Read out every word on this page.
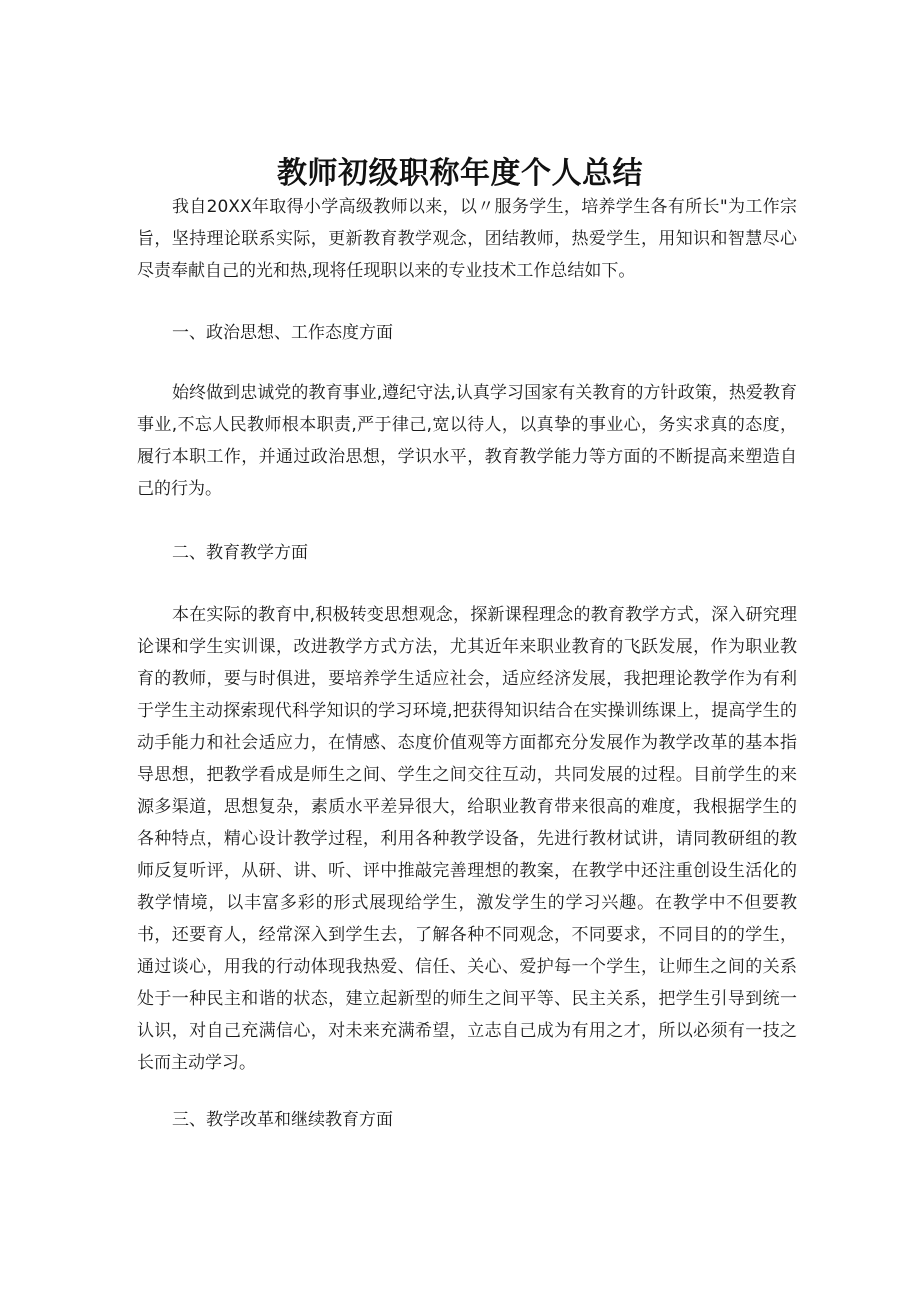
教师初级职称年度个人总结

我自20XX年取得小学高级教师以来，以〃服务学生，培养学生各有所长"为工作宗旨，坚持理论联系实际，更新教育教学观念，团结教师，热爱学生，用知识和智慧尽心尽责奉献自己的光和热,现将任现职以来的专业技术工作总结如下。

一、政治思想、工作态度方面

始终做到忠诚党的教育事业,遵纪守法,认真学习国家有关教育的方针政策，热爱教育事业,不忘人民教师根本职责,严于律己,宽以待人，以真挚的事业心，务实求真的态度，履行本职工作，并通过政治思想，学识水平，教育教学能力等方面的不断提高来塑造自己的行为。

二、教育教学方面

本在实际的教育中,积极转变思想观念，探新课程理念的教育教学方式，深入研究理论课和学生实训课，改进教学方式方法，尤其近年来职业教育的飞跃发展，作为职业教育的教师，要与时俱进，要培养学生适应社会，适应经济发展，我把理论教学作为有利于学生主动探索现代科学知识的学习环境,把获得知识结合在实操训练课上，提高学生的动手能力和社会适应力，在情感、态度价值观等方面都充分发展作为教学改革的基本指导思想，把教学看成是师生之间、学生之间交往互动，共同发展的过程。目前学生的来源多渠道，思想复杂，素质水平差异很大，给职业教育带来很高的难度，我根据学生的各种特点，精心设计教学过程，利用各种教学设备，先进行教材试讲，请同教研组的教师反复听评，从研、讲、听、评中推敲完善理想的教案，在教学中还注重创设生活化的教学情境，以丰富多彩的形式展现给学生，激发学生的学习兴趣。在教学中不但要教书，还要育人，经常深入到学生去，了解各种不同观念，不同要求，不同目的的学生，通过谈心，用我的行动体现我热爱、信任、关心、爱护每一个学生，让师生之间的关系处于一种民主和谐的状态，建立起新型的师生之间平等、民主关系，把学生引导到统一认识，对自己充满信心，对未来充满希望，立志自己成为有用之才，所以必须有一技之长而主动学习。

三、教学改革和继续教育方面
